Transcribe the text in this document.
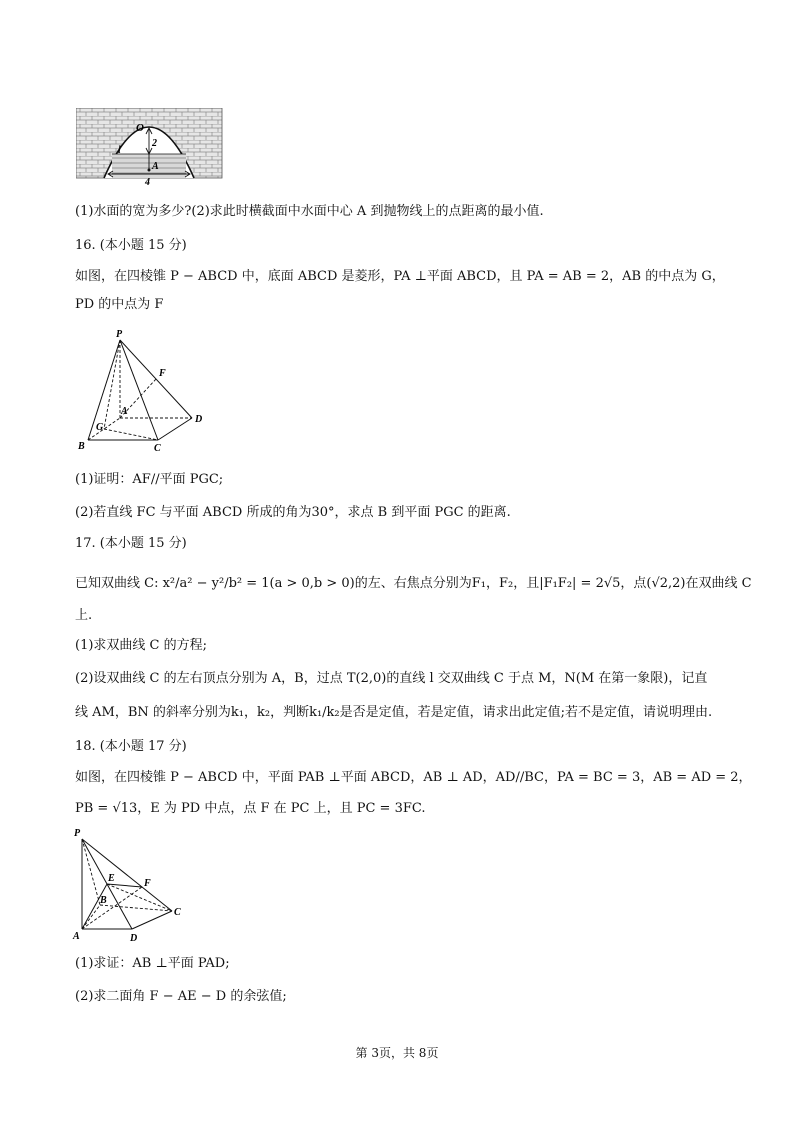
O
2
l
A
4
(1)水面的宽为多少?(2)求此时横截面中水面中心 A 到抛物线上的点距离的最小值.
16. (本小题 15 分)
如图，在四棱锥 P − ABCD 中，底面 ABCD 是菱形，PA ⊥平面 ABCD，且 PA = AB = 2，AB 的中点为 G，
PD 的中点为 F
P
F
A
G
B	C
D
(1)证明：AF//平面 PGC;
(2)若直线 FC 与平面 ABCD 所成的角为30°，求点 B 到平面 PGC 的距离.
17. (本小题 15 分)
已知双曲线 C: x²/a² − y²/b² = 1(a > 0,b > 0)的左、右焦点分别为F₁，F₂，且|F₁F₂| = 2√5，点(√2,2)在双曲线 C
上.
(1)求双曲线 C 的方程;
(2)设双曲线 C 的左右顶点分别为 A，B，过点 T(2,0)的直线 l 交双曲线 C 于点 M，N(M 在第一象限)，记直
线 AM，BN 的斜率分别为k₁，k₂，判断k₁/k₂是否是定值，若是定值，请求出此定值;若不是定值，请说明理由.
18. (本小题 17 分)
如图，在四棱锥 P − ABCD 中，平面 PAB ⊥平面 ABCD，AB ⊥ AD，AD//BC，PA = BC = 3，AB = AD = 2，
PB = √13，E 为 PD 中点，点 F 在 PC 上，且 PC = 3FC.
P
E	F
B
C
A	D
(1)求证：AB ⊥平面 PAD;
(2)求二面角 F − AE − D 的余弦值;
第 3页，共 8页
